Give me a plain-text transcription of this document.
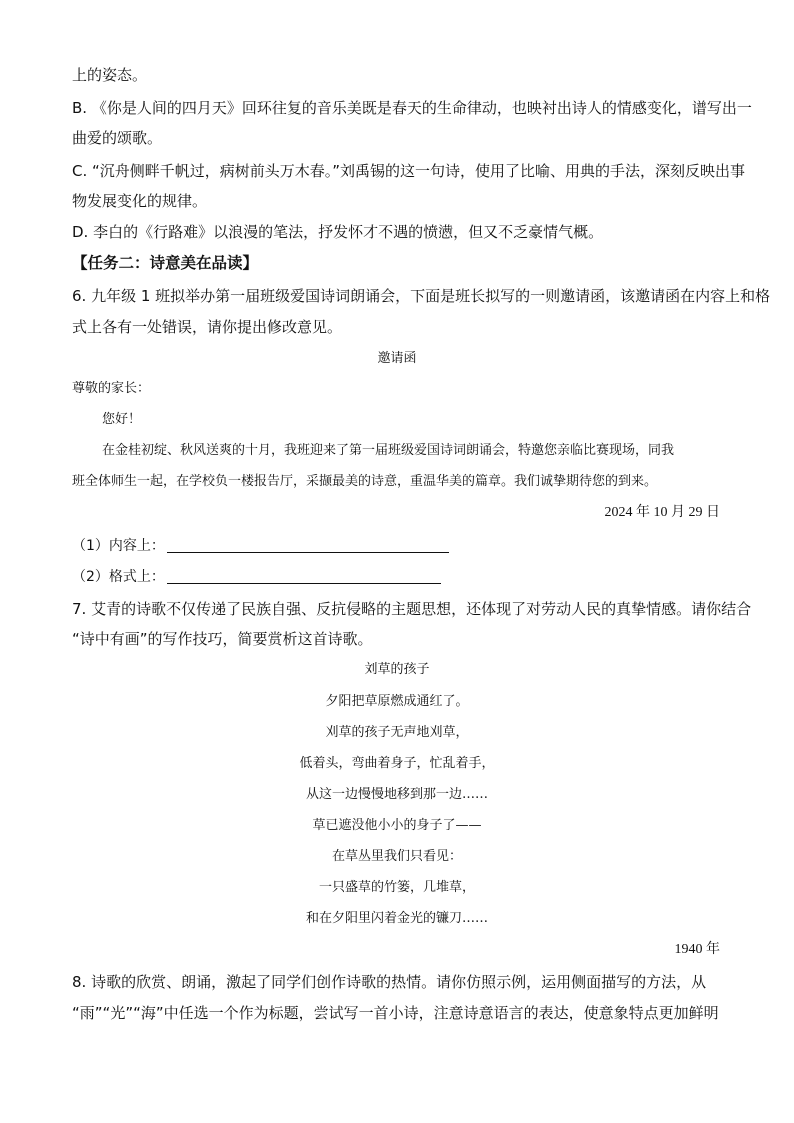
上的姿态。
B. 《你是人间的四月天》回环往复的音乐美既是春天的生命律动，也映衬出诗人的情感变化，谱写出一
曲爱的颂歌。
C. “沉舟侧畔千帆过，病树前头万木春。”刘禹锡的这一句诗，使用了比喻、用典的手法，深刻反映出事
物发展变化的规律。
D. 李白的《行路难》以浪漫的笔法，抒发怀才不遇的愤懑，但又不乏豪情气概。
【任务二：诗意美在品读】
6. 九年级 1 班拟举办第一届班级爱国诗词朗诵会，下面是班长拟写的一则邀请函，该邀请函在内容上和格
式上各有一处错误，请你提出修改意见。
邀请函
尊敬的家长：
您好！
在金桂初绽、秋风送爽的十月，我班迎来了第一届班级爱国诗词朗诵会，特邀您亲临比赛现场，同我
班全体师生一起，在学校负一楼报告厅，采撷最美的诗意，重温华美的篇章。我们诚挚期待您的到来。
2024 年 10 月 29 日
（1）内容上：
（2）格式上：
7. 艾青的诗歌不仅传递了民族自强、反抗侵略的主题思想，还体现了对劳动人民的真挚情感。请你结合
“诗中有画”的写作技巧，简要赏析这首诗歌。
刘草的孩子
夕阳把草原燃成通红了。
刈草的孩子无声地刈草，
低着头，弯曲着身子，忙乱着手，
从这一边慢慢地移到那一边……
草已遮没他小小的身子了——
在草丛里我们只看见：
一只盛草的竹篓，几堆草，
和在夕阳里闪着金光的镰刀……
1940 年
8. 诗歌的欣赏、朗诵，激起了同学们创作诗歌的热情。请你仿照示例，运用侧面描写的方法，从
“雨”“光”“海”中任选一个作为标题，尝试写一首小诗，注意诗意语言的表达，使意象特点更加鲜明
